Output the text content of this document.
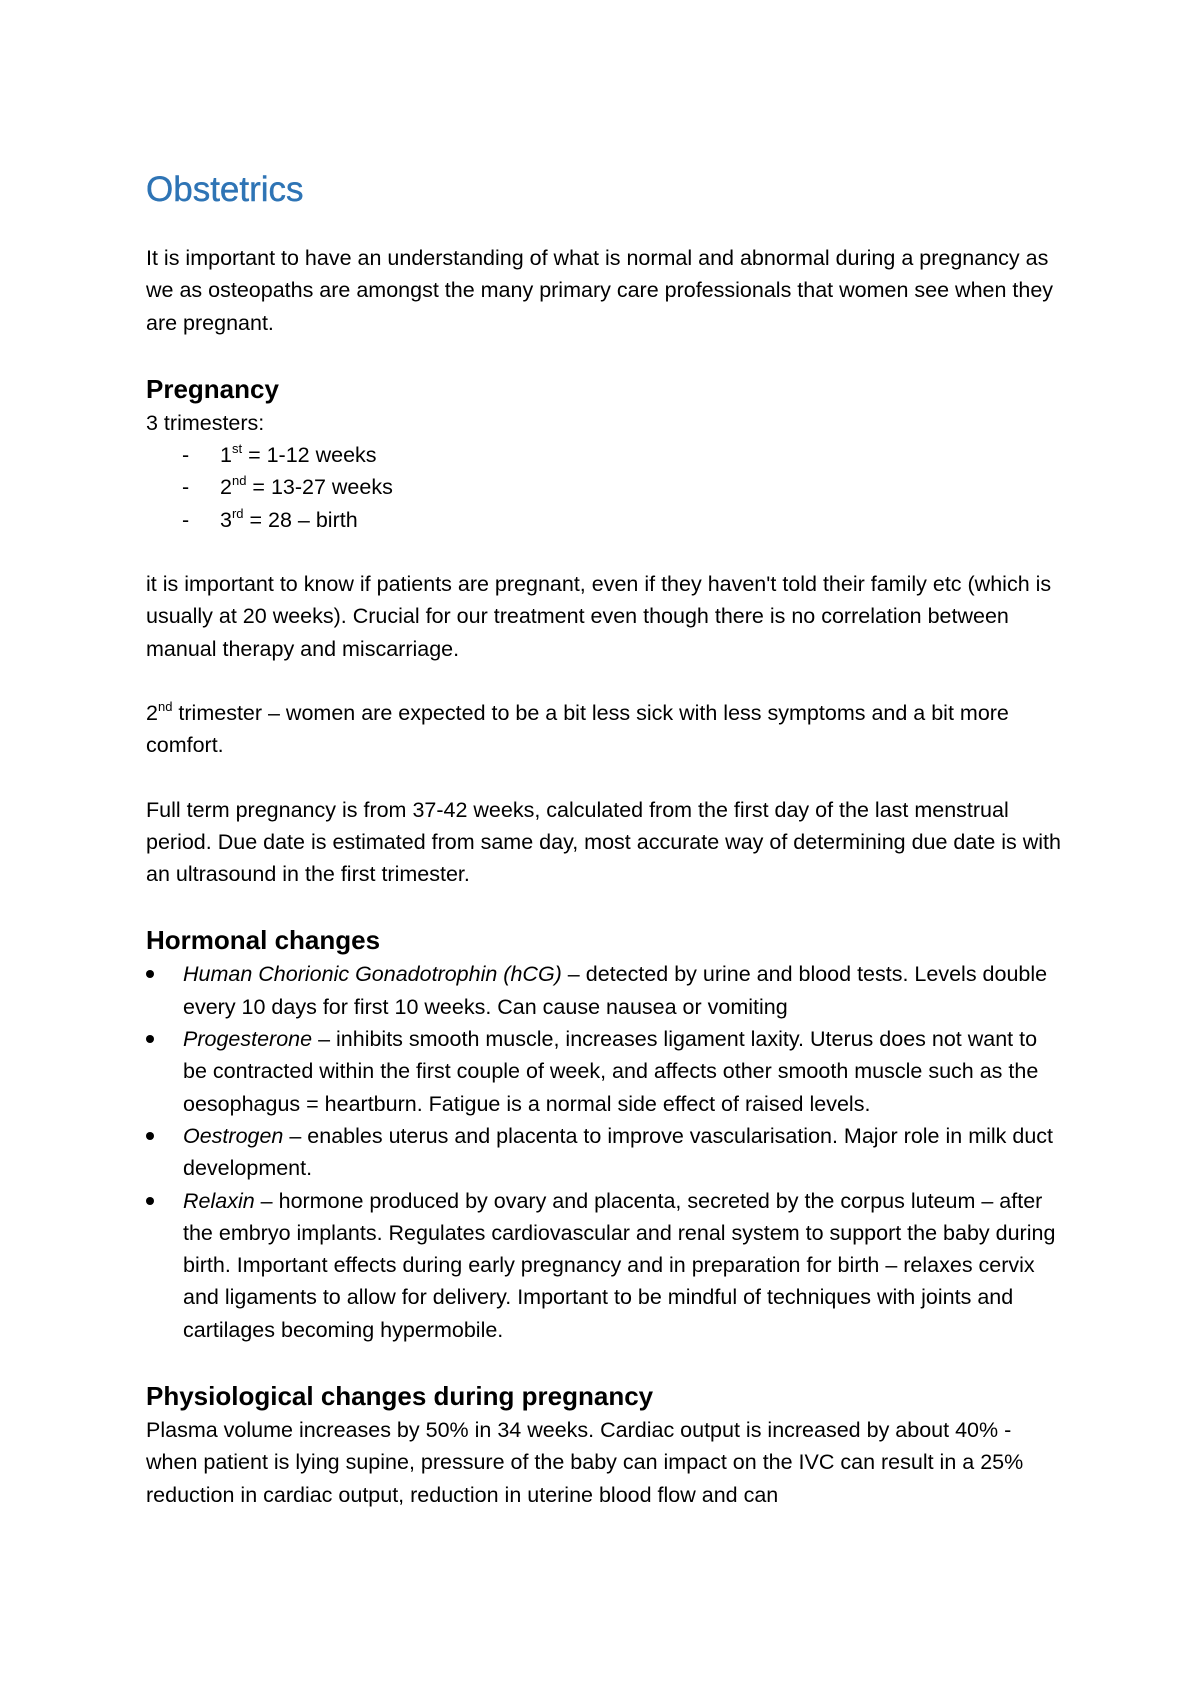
Obstetrics

It is important to have an understanding of what is normal and abnormal during a pregnancy as we as osteopaths are amongst the many primary care professionals that women see when they are pregnant.

Pregnancy

3 trimesters:

- 1st = 1-12 weeks
- 2nd = 13-27 weeks
- 3rd = 28 – birth

it is important to know if patients are pregnant, even if they haven't told their family etc (which is usually at 20 weeks). Crucial for our treatment even though there is no correlation between manual therapy and miscarriage.

2nd trimester – women are expected to be a bit less sick with less symptoms and a bit more comfort.

Full term pregnancy is from 37-42 weeks, calculated from the first day of the last menstrual period. Due date is estimated from same day, most accurate way of determining due date is with an ultrasound in the first trimester.

Hormonal changes
Human Chorionic Gonadotrophin (hCG) – detected by urine and blood tests. Levels double every 10 days for first 10 weeks. Can cause nausea or vomiting
Progesterone – inhibits smooth muscle, increases ligament laxity. Uterus does not want to be contracted within the first couple of week, and affects other smooth muscle such as the oesophagus = heartburn. Fatigue is a normal side effect of raised levels.
Oestrogen – enables uterus and placenta to improve vascularisation. Major role in milk duct development.
Relaxin – hormone produced by ovary and placenta, secreted by the corpus luteum – after the embryo implants. Regulates cardiovascular and renal system to support the baby during birth. Important effects during early pregnancy and in preparation for birth – relaxes cervix and ligaments to allow for delivery. Important to be mindful of techniques with joints and cartilages becoming hypermobile.
Physiological changes during pregnancy

Plasma volume increases by 50% in 34 weeks. Cardiac output is increased by about 40% - when patient is lying supine, pressure of the baby can impact on the IVC can result in a 25% reduction in cardiac output, reduction in uterine blood flow and can
